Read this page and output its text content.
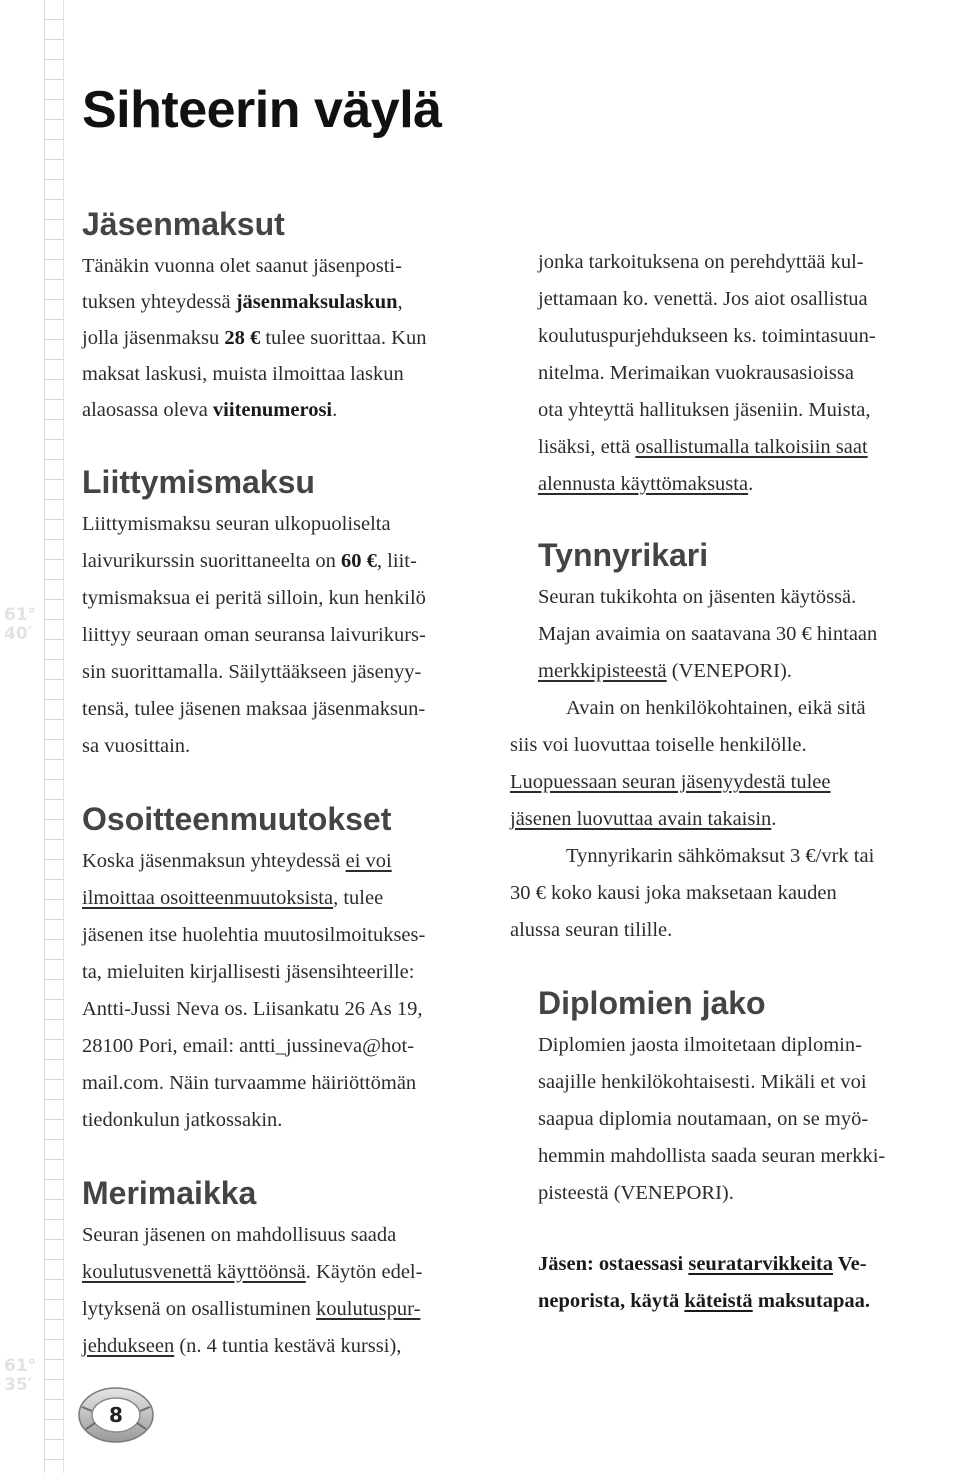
61°
40′
61°
35′
Sihteerin väylä
Jäsenmaksut

Tänäkin vuonna olet saanut jäsenposti-
tuksen yhteydessä jäsenmaksulaskun,
jolla jäsenmaksu 28 € tulee suorittaa. Kun
maksat laskusi, muista ilmoittaa laskun
alaosassa oleva viitenumerosi.

Liittymismaksu

Liittymismaksu seuran ulkopuoliselta
laivurikurssin suorittaneelta on 60 €, liit-
tymismaksua ei peritä silloin, kun henkilö
liittyy seuraan oman seuransa laivurikurs-
sin suorittamalla. Säilyttääkseen jäsenyy-
tensä, tulee jäsenen maksaa jäsenmaksun-
sa vuosittain.

Osoitteenmuutokset

Koska jäsenmaksun yhteydessä ei voi
ilmoittaa osoitteenmuutoksista, tulee
jäsenen itse huolehtia muutosilmoitukses-
ta, mieluiten kirjallisesti jäsensihteerille:
Antti-Jussi Neva os. Liisankatu 26 As 19,
28100 Pori, email: antti_jussineva@hot-
mail.com. Näin turvaamme häiriöttömän
tiedonkulun jatkossakin.

Merimaikka

Seuran jäsenen on mahdollisuus saada
koulutusvenettä käyttöönsä. Käytön edel-
lytyksenä on osallistuminen koulutuspur-
jehdukseen (n. 4 tuntia kestävä kurssi),

jonka tarkoituksena on perehdyttää kul-
jettamaan ko. venettä. Jos aiot osallistua
koulutuspurjehdukseen ks. toimintasuun-
nitelma. Merimaikan vuokrausasioissa
ota yhteyttä hallituksen jäseniin. Muista,
lisäksi, että osallistumalla talkoisiin saat
alennusta käyttömaksusta.

Tynnyrikari

Seuran tukikohta on jäsenten käytössä.
Majan avaimia on saatavana 30 € hintaan
merkkipisteestä (VENEPORI).

Avain on henkilökohtainen, eikä sitä
siis voi luovuttaa toiselle henkilölle.
Luopuessaan seuran jäsenyydestä tulee
jäsenen luovuttaa avain takaisin.

Tynnyrikarin sähkömaksut 3 €/vrk tai
30 € koko kausi joka maksetaan kauden
alussa seuran tilille.

Diplomien jako

Diplomien jaosta ilmoitetaan diplomin-
saajille henkilökohtaisesti. Mikäli et voi
saapua diplomia noutamaan, on se myö-
hemmin mahdollista saada seuran merkki-
pisteestä (VENEPORI).

Jäsen: ostaessasi seuratarvikkeita Ve-
neporista, käytä käteistä maksutapaa.

8
